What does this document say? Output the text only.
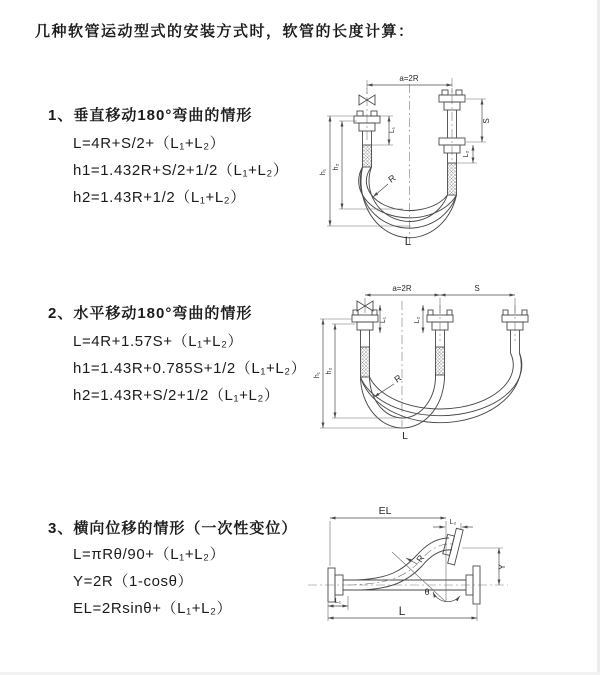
几种软管运动型式的安装方式时，软管的长度计算：
1、垂直移动180°弯曲的情形
L=4R+S/2+（L₁+L₂）
h1=1.432R+S/2+1/2（L₁+L₂）
h2=1.43R+1/2（L₁+L₂）
2、水平移动180°弯曲的情形
L=4R+1.57S+（L₁+L₂）
h1=1.43R+0.785S+1/2（L₁+L₂）
h2=1.43R+S/2+1/2（L₁+L₂）
3、横向位移的情形（一次性变位）
L=πRθ/90+（L₁+L₂）
Y=2R（1-cosθ）
EL=2Rsinθ+（L₁+L₂）
a=2R
S
L₂
L₁
h₁
h₂
R
L
a=2R	S
L₁	L₂
h₁
h₂
R
L
EL
L₂
Y
θ
R
L₁
L
